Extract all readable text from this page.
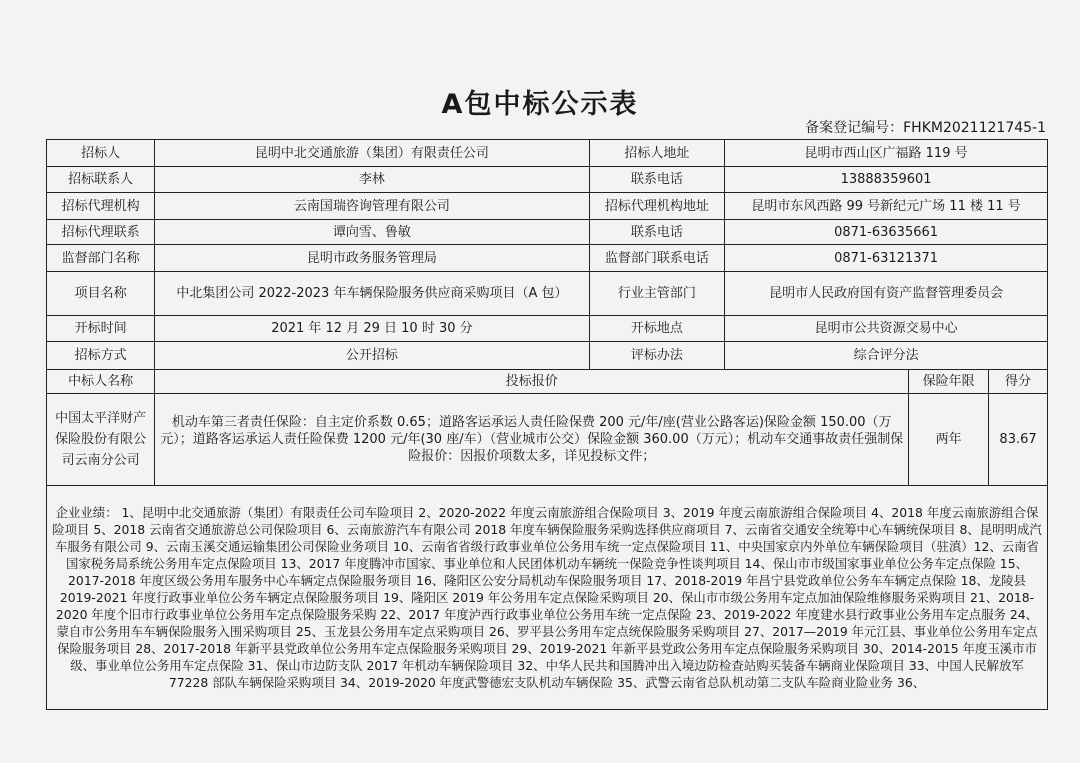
A包中标公示表
备案登记编号：FHKM2021121745-1
招标人	昆明中北交通旅游（集团）有限责任公司	招标人地址	昆明市西山区广福路 119 号		
招标联系人	李林	联系电话	13888359601		
招标代理机构	云南国瑞咨询管理有限公司	招标代理机构地址	昆明市东风西路 99 号新纪元广场 11 楼 11 号		
招标代理联系	谭向雪、鲁敏	联系电话	0871-63635661		
监督部门名称	昆明市政务服务管理局	监督部门联系电话	0871-63121371		
项目名称	中北集团公司 2022-2023 年车辆保险服务供应商采购项目（A 包）	行业主管部门	昆明市人民政府国有资产监督管理委员会		
开标时间	2021 年 12 月 29 日 10 时 30 分	开标地点	昆明市公共资源交易中心		
招标方式	公开招标	评标办法	综合评分法		
中标人名称	投标报价			保险年限	得分
中国太平洋财产保险股份有限公司云南分公司	机动车第三者责任保险：自主定价系数 0.65；道路客运承运人责任险保费 200 元/年/座(营业公路客运)保险金额 150.00（万元）；道路客运承运人责任险保费 1200 元/年(30 座/车）（营业城市公交）保险金额 360.00（万元）；机动车交通事故责任强制保险报价：因报价项数太多，详见投标文件；			两年	83.67
企业业绩： 1、昆明中北交通旅游（集团）有限责任公司车险项目 2、2020-2022 年度云南旅游组合保险项目 3、2019 年度云南旅游组合保险项目 4、2018 年度云南旅游组合保险项目 5、2018 云南省交通旅游总公司保险项目 6、云南旅游汽车有限公司 2018 年度车辆保险服务采购选择供应商项目 7、云南省交通安全统筹中心车辆统保项目 8、昆明明成汽车服务有限公司 9、云南玉溪交通运输集团公司保险业务项目 10、云南省省级行政事业单位公务用车统一定点保险项目 11、中央国家京内外单位车辆保险项目（驻滇）12、云南省国家税务局系统公务用车定点保险项目 13、2017 年度腾冲市国家、事业单位和人民团体机动车辆统一保险竞争性谈判项目 14、保山市市级国家事业单位公务车定点保险 15、2017-2018 年度区级公务用车服务中心车辆定点保险服务项目 16、隆阳区公安分局机动车保险服务项目 17、2018-2019 年昌宁县党政单位公务车车辆定点保险 18、龙陵县 2019-2021 年度行政事业单位公务车辆定点保险服务项目 19、隆阳区 2019 年公务用车定点保险采购项目 20、保山市市级公务用车定点加油保险维修服务采购项目 21、2018-2020 年度个旧市行政事业单位公务用车定点保险服务采购 22、2017 年度泸西行政事业单位公务用车统一定点保险 23、2019-2022 年度建水县行政事业公务用车定点服务 24、蒙自市公务用车车辆保险服务入围采购项目 25、玉龙县公务用车定点采购项目 26、罗平县公务用车定点统保险服务采购项目 27、2017—2019 年元江县、事业单位公务用车定点保险服务项目 28、2017-2018 年新平县党政单位公务用车定点保险服务采购项目 29、2019-2021 年新平县党政公务用车定点保险服务采购项目 30、2014-2015 年度玉溪市市级、事业单位公务用车定点保险 31、保山市边防支队 2017 年机动车辆保险项目 32、中华人民共和国腾冲出入境边防检查站购买装备车辆商业保险项目 33、中国人民解放军 77228 部队车辆保险采购项目 34、2019-2020 年度武警德宏支队机动车辆保险 35、武警云南省总队机动第二支队车险商业险业务 36、					
